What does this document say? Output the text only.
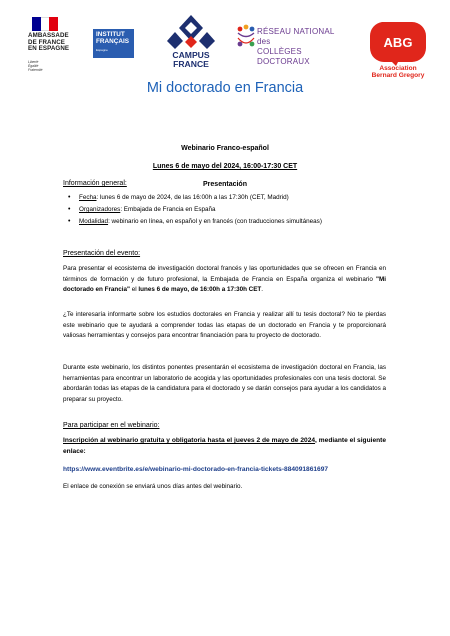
AMBASSADE
DE FRANCE
EN ESPAGNE
Liberté
Égalité
Fraternité
INSTITUT
FRANÇAIS
Espagne
CAMPUS
FRANCE
RÉSEAU NATIONAL des
COLLÈGES DOCTORAUX
ABG
Association
Bernard Gregory
Mi doctorado en Francia
Webinario Franco-español
Lunes 6 de mayo del 2024, 16:00-17:30 CET
Presentación
Información general:
• Fecha: lunes 6 de mayo de 2024, de las 16:00h a las 17:30h (CET, Madrid)
• Organizadores: Embajada de Francia en España
• Modalidad: webinario en línea, en español y en francés (con traducciones simultáneas)
Presentación del evento:
Para presentar el ecosistema de investigación doctoral francés y las oportunidades que se ofrecen en Francia en términos de formación y de futuro profesional, la Embajada de Francia en España organiza el webinario "Mi doctorado en Francia" el lunes 6 de mayo, de 16:00h a 17:30h CET.
¿Te interesaría informarte sobre los estudios doctorales en Francia y realizar allí tu tesis doctoral? No te pierdas este webinario que te ayudará a comprender todas las etapas de un doctorado en Francia y te proporcionará valiosas herramientas y consejos para encontrar financiación para tu proyecto de doctorado.
Durante este webinario, los distintos ponentes presentarán el ecosistema de investigación doctoral en Francia, las herramientas para encontrar un laboratorio de acogida y las oportunidades profesionales con una tesis doctoral. Se abordarán todas las etapas de la candidatura para el doctorado y se darán consejos para ayudar a los candidatos a preparar su proyecto.
Para participar en el webinario:
Inscripción al webinario gratuita y obligatoria hasta el jueves 2 de mayo de 2024, mediante el siguiente enlace:
https://www.eventbrite.es/e/webinario-mi-doctorado-en-francia-tickets-884091861697
El enlace de conexión se enviará unos días antes del webinario.
